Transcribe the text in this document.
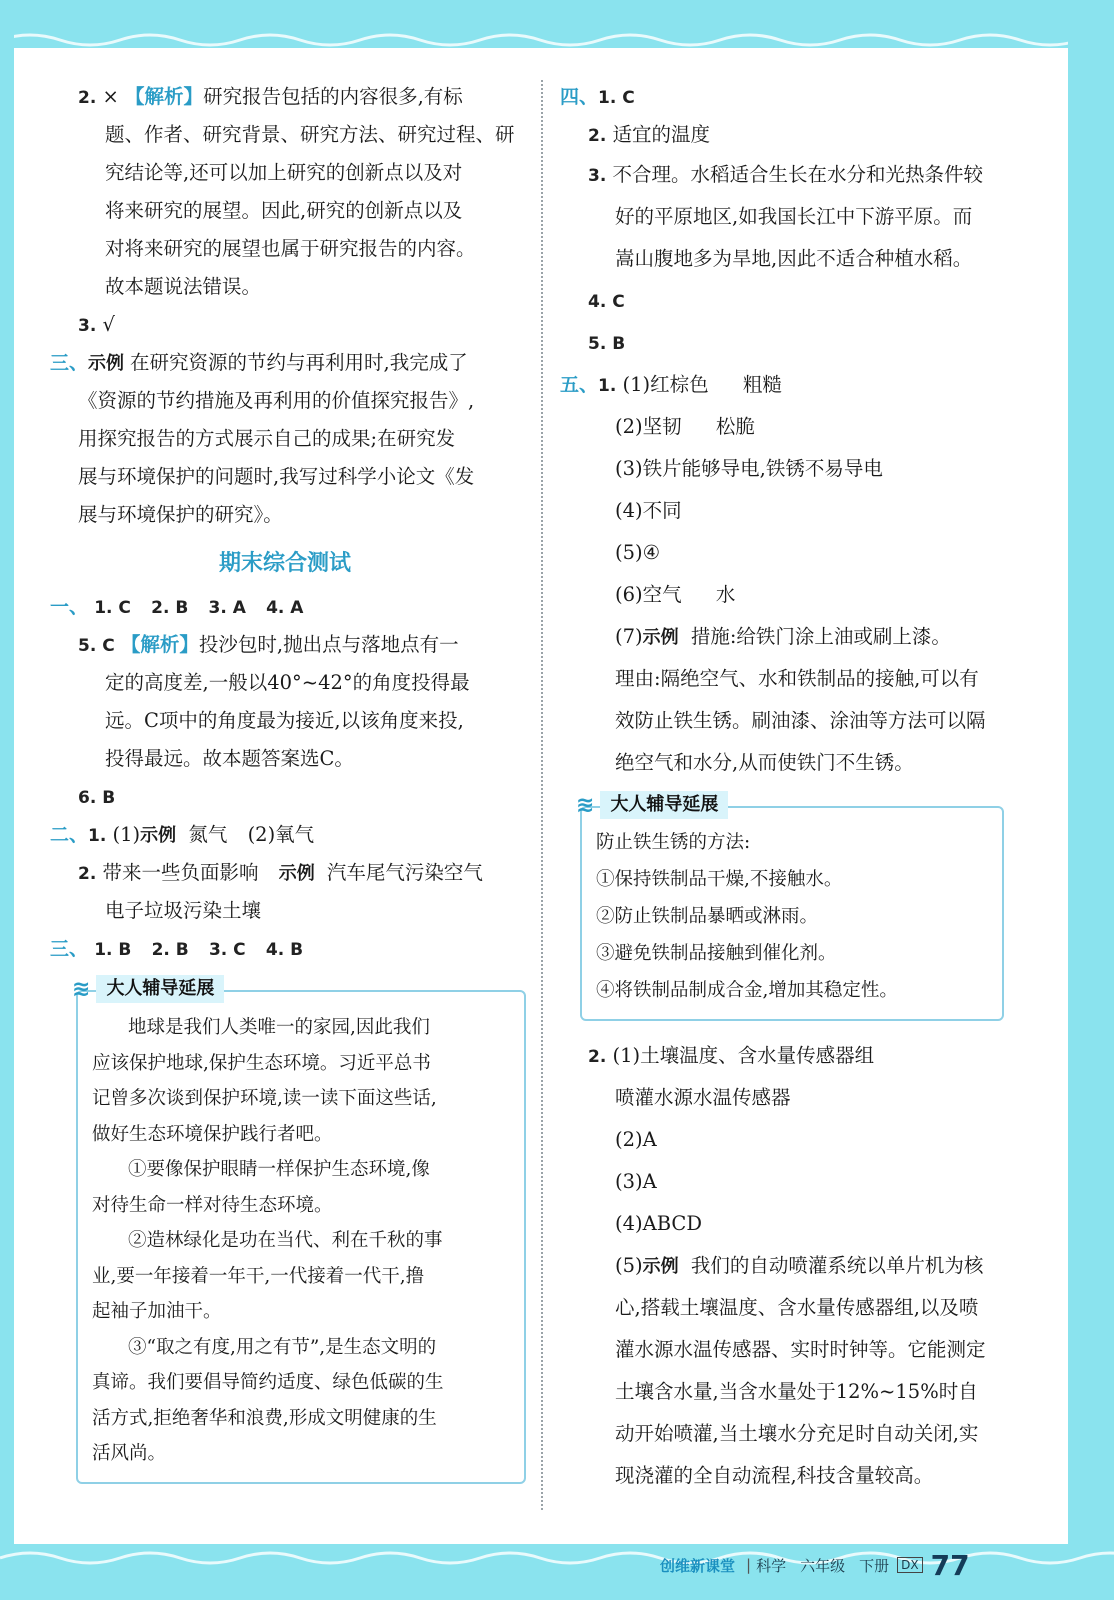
2. × 【解析】研究报告包括的内容很多,有标
题、作者、研究背景、研究方法、研究过程、研
究结论等,还可以加上研究的创新点以及对
将来研究的展望。因此,研究的创新点以及
对将来研究的展望也属于研究报告的内容。
故本题说法错误。
3. √
三、示例 在研究资源的节约与再利用时,我完成了
《资源的节约措施及再利用的价值探究报告》,
用探究报告的方式展示自己的成果;在研究发
展与环境保护的问题时,我写过科学小论文《发
展与环境保护的研究》。
期末综合测试
一、 1. C 2. B 3. A 4. A
5. C 【解析】投沙包时,抛出点与落地点有一
定的高度差,一般以40°~42°的角度投得最
远。C项中的角度最为接近,以该角度来投,
投得最远。故本题答案选C。
6. B
二、1. (1)示例 氮气 (2)氧气
2. 带来一些负面影响 示例 汽车尾气污染空气
电子垃圾污染土壤
三、 1. B 2. B 3. C 4. B
≋ 大人辅导延展
地球是我们人类唯一的家园,因此我们
应该保护地球,保护生态环境。习近平总书
记曾多次谈到保护环境,读一读下面这些话,
做好生态环境保护践行者吧。
①要像保护眼睛一样保护生态环境,像
对待生命一样对待生态环境。
②造林绿化是功在当代、利在千秋的事
业,要一年接着一年干,一代接着一代干,撸
起袖子加油干。
③“取之有度,用之有节”,是生态文明的
真谛。我们要倡导简约适度、绿色低碳的生
活方式,拒绝奢华和浪费,形成文明健康的生
活风尚。
四、1. C
2. 适宜的温度
3. 不合理。水稻适合生长在水分和光热条件较
好的平原地区,如我国长江中下游平原。而
嵩山腹地多为旱地,因此不适合种植水稻。
4. C
5. B
五、1. (1)红棕色 粗糙
(2)坚韧 松脆
(3)铁片能够导电,铁锈不易导电
(4)不同
(5)④
(6)空气 水
(7)示例 措施:给铁门涂上油或刷上漆。
理由:隔绝空气、水和铁制品的接触,可以有
效防止铁生锈。刷油漆、涂油等方法可以隔
绝空气和水分,从而使铁门不生锈。
≋ 大人辅导延展
防止铁生锈的方法:
①保持铁制品干燥,不接触水。
②防止铁制品暴晒或淋雨。
③避免铁制品接触到催化剂。
④将铁制品制成合金,增加其稳定性。
2. (1)土壤温度、含水量传感器组
喷灌水源水温传感器
(2)A
(3)A
(4)ABCD
(5)示例 我们的自动喷灌系统以单片机为核
心,搭载土壤温度、含水量传感器组,以及喷
灌水源水温传感器、实时时钟等。它能测定
土壤含水量,当含水量处于12%~15%时自
动开始喷灌,当土壤水分充足时自动关闭,实
现浇灌的全自动流程,科技含量较高。
创维新课堂 | 科学 六年级 下册	DX 77
